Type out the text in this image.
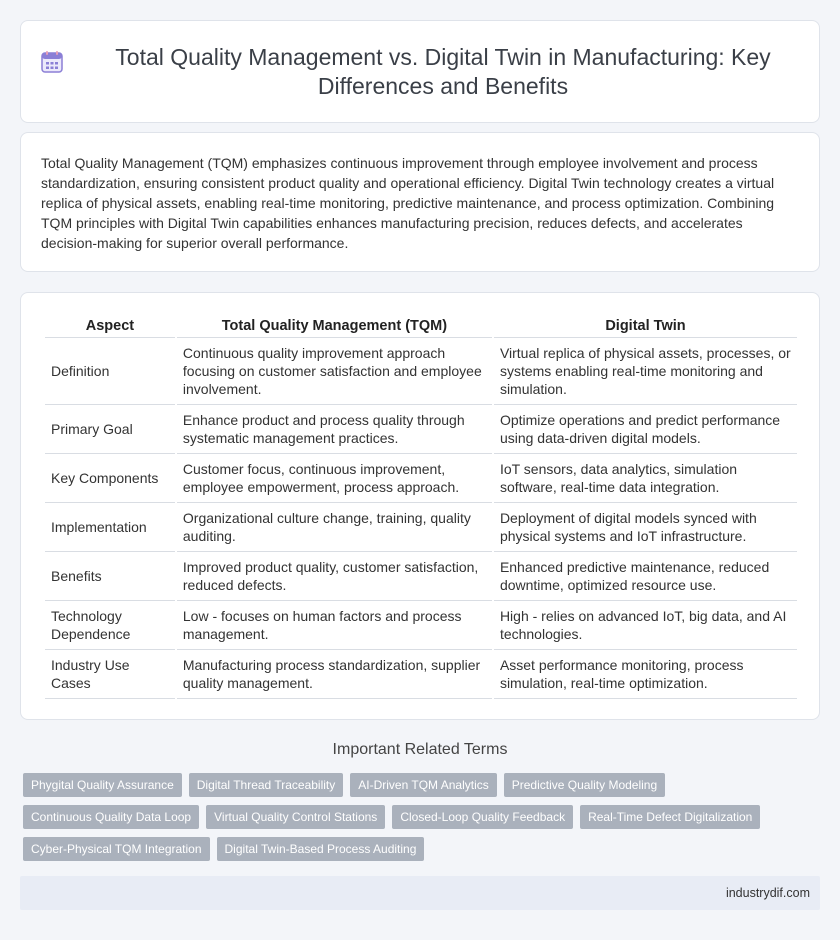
Total Quality Management vs. Digital Twin in Manufacturing: Key Differences and Benefits

Total Quality Management (TQM) emphasizes continuous improvement through employee involvement and process standardization, ensuring consistent product quality and operational efficiency. Digital Twin technology creates a virtual replica of physical assets, enabling real-time monitoring, predictive maintenance, and process optimization. Combining TQM principles with Digital Twin capabilities enhances manufacturing precision, reduces defects, and accelerates decision-making for superior overall performance.

Aspect	Total Quality Management (TQM)	Digital Twin
Definition	Continuous quality improvement approach focusing on customer satisfaction and employee involvement.	Virtual replica of physical assets, processes, or systems enabling real-time monitoring and simulation.
Primary Goal	Enhance product and process quality through systematic management practices.	Optimize operations and predict performance using data-driven digital models.
Key Components	Customer focus, continuous improvement, employee empowerment, process approach.	IoT sensors, data analytics, simulation software, real-time data integration.
Implementation	Organizational culture change, training, quality auditing.	Deployment of digital models synced with physical systems and IoT infrastructure.
Benefits	Improved product quality, customer satisfaction, reduced defects.	Enhanced predictive maintenance, reduced downtime, optimized resource use.
Technology Dependence	Low - focuses on human factors and process management.	High - relies on advanced IoT, big data, and AI technologies.
Industry Use Cases	Manufacturing process standardization, supplier quality management.	Asset performance monitoring, process simulation, real-time optimization.
Important Related Terms
Phygital Quality Assurance	Digital Thread Traceability	AI-Driven TQM Analytics	Predictive Quality Modeling
Continuous Quality Data Loop	Virtual Quality Control Stations	Closed-Loop Quality Feedback	Real-Time Defect Digitalization
Cyber-Physical TQM Integration	Digital Twin-Based Process Auditing
industrydif.com
